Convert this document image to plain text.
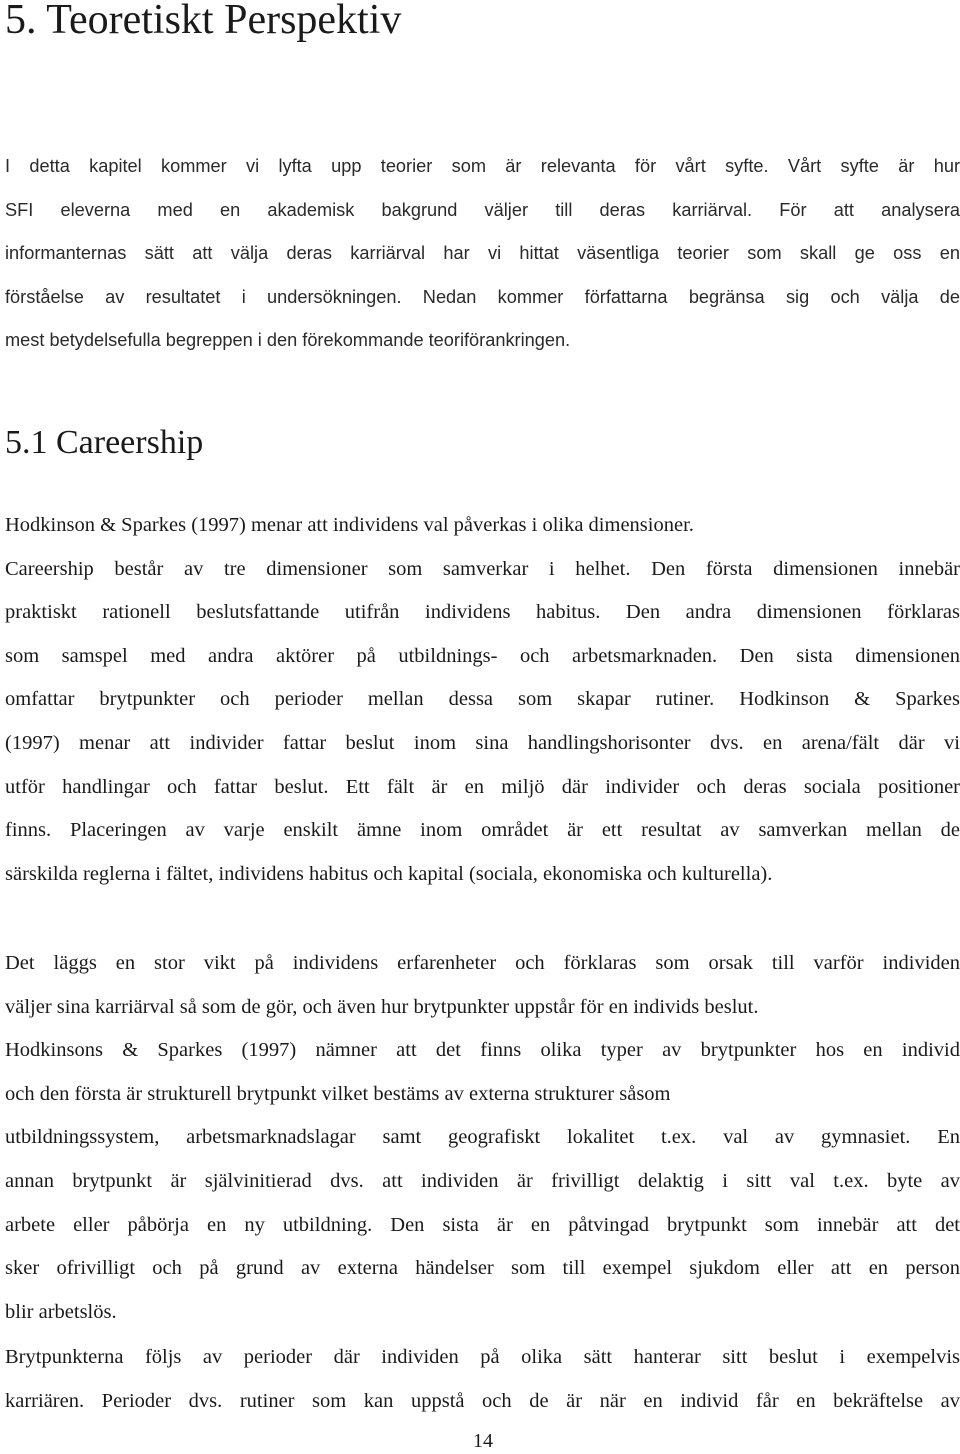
5. Teoretiskt Perspektiv
I detta kapitel kommer vi lyfta upp teorier som är relevanta för vårt syfte. Vårt syfte är hur
SFI eleverna med en akademisk bakgrund väljer till deras karriärval. För att analysera
informanternas sätt att välja deras karriärval har vi hittat väsentliga teorier som skall ge oss en
förståelse av resultatet i undersökningen. Nedan kommer författarna begränsa sig och välja de
mest betydelsefulla begreppen i den förekommande teoriförankringen.
5.1 Careership
Hodkinson & Sparkes (1997) menar att individens val påverkas i olika dimensioner.
Careership består av tre dimensioner som samverkar i helhet. Den första dimensionen innebär
praktiskt rationell beslutsfattande utifrån individens habitus. Den andra dimensionen förklaras
som samspel med andra aktörer på utbildnings- och arbetsmarknaden. Den sista dimensionen
omfattar brytpunkter och perioder mellan dessa som skapar rutiner. Hodkinson & Sparkes
(1997) menar att individer fattar beslut inom sina handlingshorisonter dvs. en arena/fält där vi
utför handlingar och fattar beslut. Ett fält är en miljö där individer och deras sociala positioner
finns. Placeringen av varje enskilt ämne inom området är ett resultat av samverkan mellan de
särskilda reglerna i fältet, individens habitus och kapital (sociala, ekonomiska och kulturella).
Det läggs en stor vikt på individens erfarenheter och förklaras som orsak till varför individen
väljer sina karriärval så som de gör, och även hur brytpunkter uppstår för en individs beslut.
Hodkinsons & Sparkes (1997) nämner att det finns olika typer av brytpunkter hos en individ
och den första är strukturell brytpunkt vilket bestäms av externa strukturer såsom
utbildningssystem, arbetsmarknadslagar samt geografiskt lokalitet t.ex. val av gymnasiet. En
annan brytpunkt är självinitierad dvs. att individen är frivilligt delaktig i sitt val t.ex. byte av
arbete eller påbörja en ny utbildning. Den sista är en påtvingad brytpunkt som innebär att det
sker ofrivilligt och på grund av externa händelser som till exempel sjukdom eller att en person
blir arbetslös.
Brytpunkterna följs av perioder där individen på olika sätt hanterar sitt beslut i exempelvis
karriären. Perioder dvs. rutiner som kan uppstå och de är när en individ får en bekräftelse av
14
